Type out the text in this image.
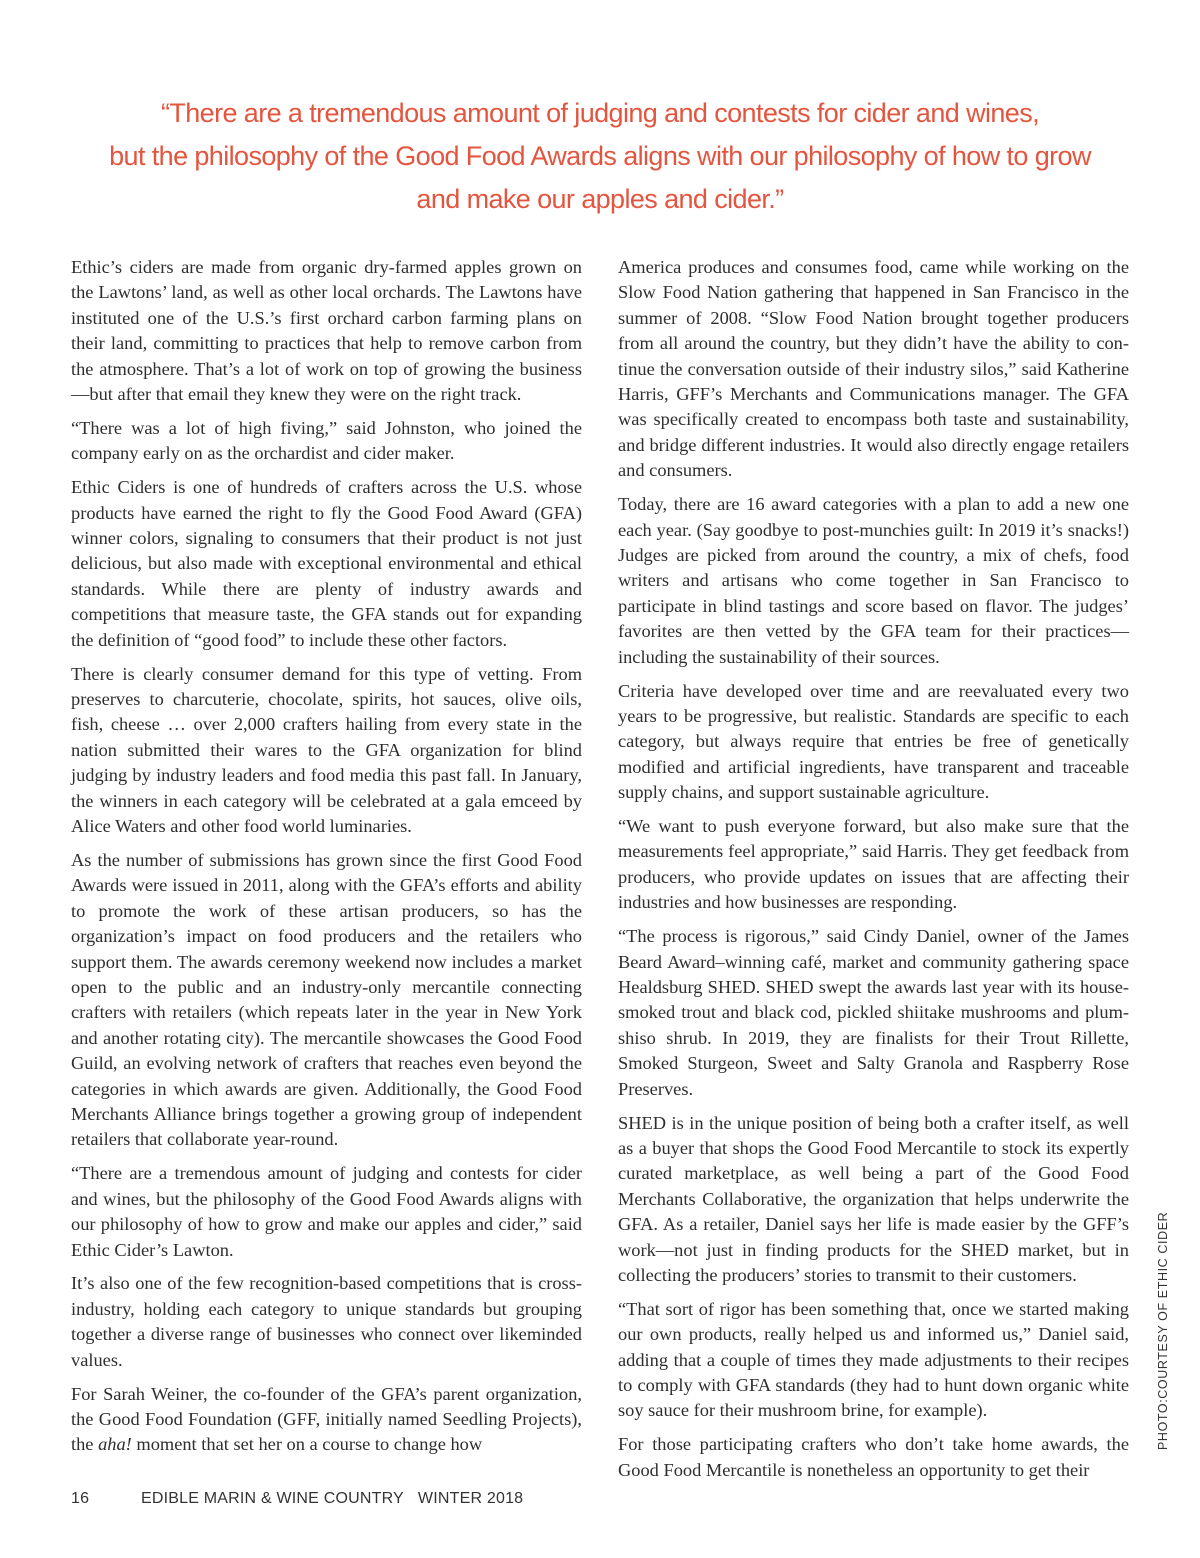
“There are a tremendous amount of judging and contests for cider and wines,
but the philosophy of the Good Food Awards aligns with our philosophy of how to grow
and make our apples and cider.”

Ethic’s ciders are made from organic dry-farmed apples grown on the Lawtons’ land, as well as other local orchards. The Lawtons have instituted one of the U.S.’s first orchard carbon farming plans on their land, committing to practices that help to remove carbon from the atmosphere. That’s a lot of work on top of growing the business—but after that email they knew they were on the right track.

“There was a lot of high fiving,” said Johnston, who joined the company early on as the orchardist and cider maker.

Ethic Ciders is one of hundreds of crafters across the U.S. whose products have earned the right to fly the Good Food Award (GFA) winner colors, signaling to consumers that their product is not just delicious, but also made with exceptional environmental and ethical standards. While there are plenty of industry awards and competitions that measure taste, the GFA stands out for expanding the definition of “good food” to include these other factors.

There is clearly consumer demand for this type of vetting. From preserves to charcuterie, chocolate, spirits, hot sauces, olive oils, fish, cheese … over 2,000 crafters hailing from every state in the nation submitted their wares to the GFA organization for blind judging by industry leaders and food media this past fall. In January, the winners in each category will be celebrated at a gala emceed by Alice Waters and other food world luminaries.

As the number of submissions has grown since the first Good Food Awards were issued in 2011, along with the GFA’s efforts and ability to promote the work of these artisan producers, so has the organization’s impact on food producers and the retailers who support them. The awards ceremony weekend now includes a market open to the public and an industry-only mercantile connecting crafters with retailers (which repeats later in the year in New York and another rotating city). The mercantile showcases the Good Food Guild, an evolving network of crafters that reaches even beyond the categories in which awards are given. Additionally, the Good Food Merchants Alliance brings together a growing group of independent retailers that collaborate year-round.

“There are a tremendous amount of judging and contests for cider and wines, but the philosophy of the Good Food Awards aligns with our philosophy of how to grow and make our apples and cider,” said Ethic Cider’s Lawton.

It’s also one of the few recognition-based competitions that is cross-industry, holding each category to unique standards but grouping together a diverse range of businesses who connect over likeminded values.

For Sarah Weiner, the co-founder of the GFA’s parent organization, the Good Food Foundation (GFF, initially named Seedling Projects), the aha! moment that set her on a course to change how

America produces and consumes food, came while working on the Slow Food Nation gathering that happened in San Francisco in the summer of 2008. “Slow Food Nation brought together producers from all around the country, but they didn’t have the ability to continue the conversation outside of their industry silos,” said Katherine Harris, GFF’s Merchants and Communications manager. The GFA was specifically created to encompass both taste and sustainability, and bridge different industries. It would also directly engage retailers and consumers.

Today, there are 16 award categories with a plan to add a new one each year. (Say goodbye to post-munchies guilt: In 2019 it’s snacks!) Judges are picked from around the country, a mix of chefs, food writers and artisans who come together in San Francisco to participate in blind tastings and score based on flavor. The judges’ favorites are then vetted by the GFA team for their practices—including the sustainability of their sources.

Criteria have developed over time and are reevaluated every two years to be progressive, but realistic. Standards are specific to each category, but always require that entries be free of genetically modified and artificial ingredients, have transparent and traceable supply chains, and support sustainable agriculture.

“We want to push everyone forward, but also make sure that the measurements feel appropriate,” said Harris. They get feedback from producers, who provide updates on issues that are affecting their industries and how businesses are responding.

“The process is rigorous,” said Cindy Daniel, owner of the James Beard Award–winning café, market and community gathering space Healdsburg SHED. SHED swept the awards last year with its house-smoked trout and black cod, pickled shiitake mushrooms and plum-shiso shrub. In 2019, they are finalists for their Trout Rillette, Smoked Sturgeon, Sweet and Salty Granola and Raspberry Rose Preserves.

SHED is in the unique position of being both a crafter itself, as well as a buyer that shops the Good Food Mercantile to stock its expertly curated marketplace, as well being a part of the Good Food Merchants Collaborative, the organization that helps underwrite the GFA. As a retailer, Daniel says her life is made easier by the GFF’s work—not just in finding products for the SHED market, but in collecting the producers’ stories to transmit to their customers.

“That sort of rigor has been something that, once we started making our own products, really helped us and informed us,” Daniel said, adding that a couple of times they made adjustments to their recipes to comply with GFA standards (they had to hunt down organic white soy sauce for their mushroom brine, for example).

For those participating crafters who don’t take home awards, the Good Food Mercantile is nonetheless an opportunity to get their

PHOTO:COURTESY OF ETHIC CIDER
16	EDIBLE MARIN & WINE COUNTRY WINTER 2018
